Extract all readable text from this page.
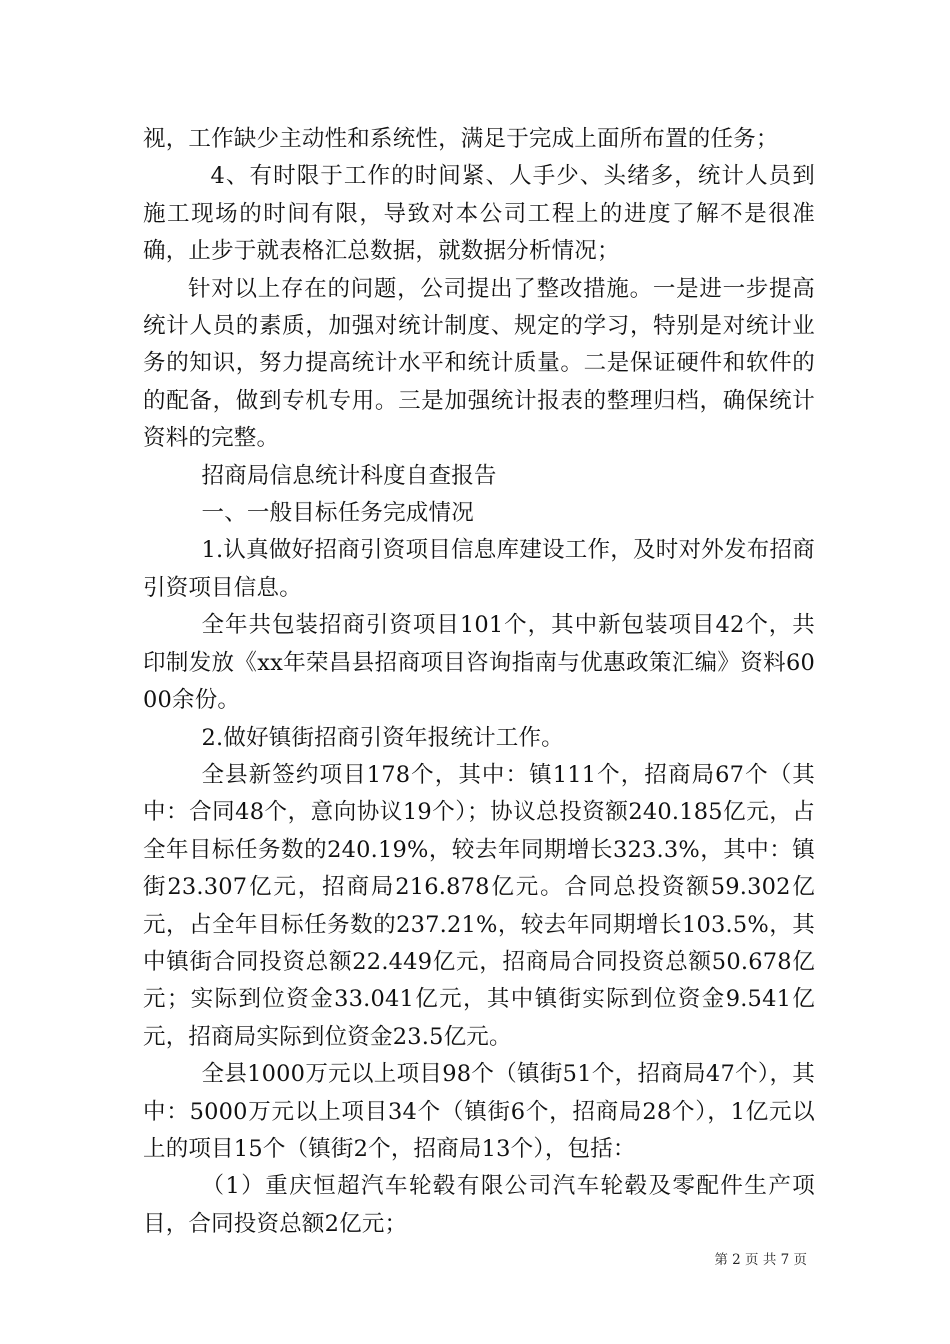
视，工作缺少主动性和系统性，满足于完成上面所布置的任务；

4、有时限于工作的时间紧、人手少、头绪多，统计人员到施工现场的时间有限，导致对本公司工程上的进度了解不是很准确，止步于就表格汇总数据，就数据分析情况；

针对以上存在的问题，公司提出了整改措施。一是进一步提高统计人员的素质，加强对统计制度、规定的学习，特别是对统计业务的知识，努力提高统计水平和统计质量。二是保证硬件和软件的的配备，做到专机专用。三是加强统计报表的整理归档，确保统计资料的完整。

招商局信息统计科度自查报告

一、一般目标任务完成情况

1.认真做好招商引资项目信息库建设工作，及时对外发布招商引资项目信息。

全年共包装招商引资项目101个，其中新包装项目42个，共印制发放《xx年荣昌县招商项目咨询指南与优惠政策汇编》资料6000余份。

2.做好镇街招商引资年报统计工作。

全县新签约项目178个，其中：镇111个，招商局67个（其中：合同48个，意向协议19个）；协议总投资额240.185亿元，占全年目标任务数的240.19%，较去年同期增长323.3%，其中：镇街23.307亿元，招商局216.878亿元。合同总投资额59.302亿元，占全年目标任务数的237.21%，较去年同期增长103.5%，其中镇街合同投资总额22.449亿元，招商局合同投资总额50.678亿元；实际到位资金33.041亿元，其中镇街实际到位资金9.541亿元，招商局实际到位资金23.5亿元。

全县1000万元以上项目98个（镇街51个，招商局47个），其中：5000万元以上项目34个（镇街6个，招商局28个），1亿元以上的项目15个（镇街2个，招商局13个），包括：

（1）重庆恒超汽车轮毂有限公司汽车轮毂及零配件生产项目，合同投资总额2亿元；

第 2 页 共 7 页
